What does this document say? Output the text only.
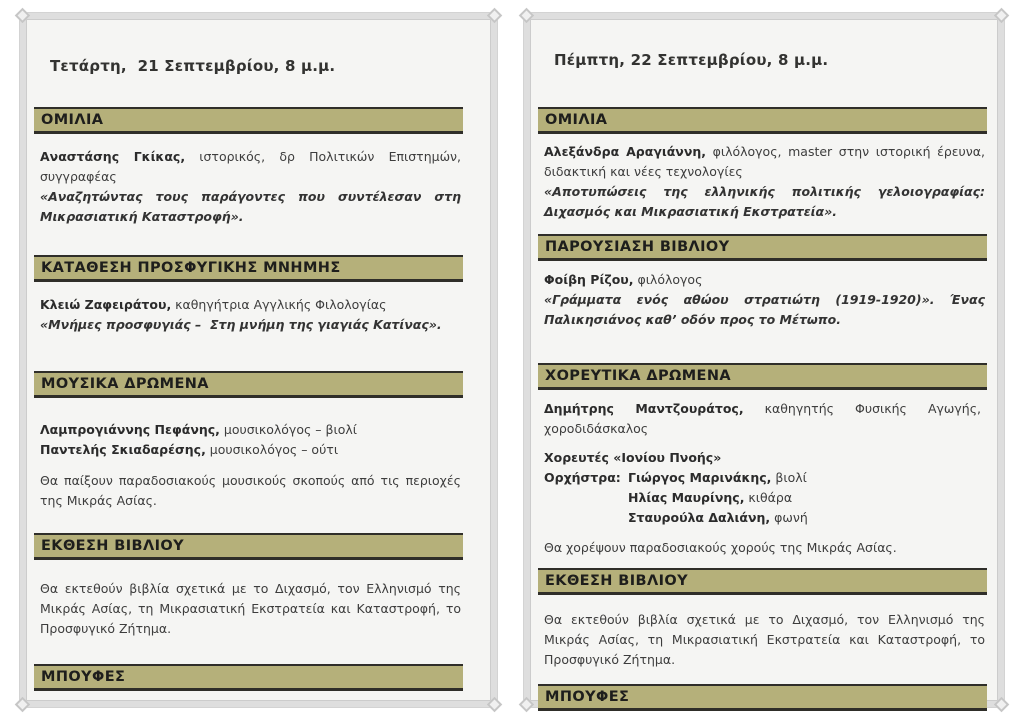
Τετάρτη,  21 Σεπτεμβρίου, 8 μ.μ.
ΟΜΙΛΙΑ
Αναστάσης Γκίκας, ιστορικός, δρ Πολιτικών Επιστημών, συγγραφέας
«Αναζητώντας τους παράγοντες που συντέλεσαν στη Μικρασιατική Καταστροφή».
ΚΑΤΑΘΕΣΗ ΠΡΟΣΦΥΓΙΚΗΣ ΜΝΗΜΗΣ
Κλειώ Ζαφειράτου, καθηγήτρια Αγγλικής Φιλολογίας
«Μνήμες προσφυγιάς –  Στη μνήμη της γιαγιάς Κατίνας».
ΜΟΥΣΙΚΑ ΔΡΩΜΕΝΑ
Λαμπρογιάννης Πεφάνης, μουσικολόγος – βιολί
Παντελής Σκιαδαρέσης, μουσικολόγος – ούτι
Θα παίξουν παραδοσιακούς μουσικούς σκοπούς από τις περιοχές της Μικράς Ασίας.
ΕΚΘΕΣΗ ΒΙΒΛΙΟΥ
Θα εκτεθούν βιβλία σχετικά με το Διχασμό, τον Ελληνισμό της Μικράς Ασίας, τη Μικρασιατική Εκστρατεία και Καταστροφή, το Προσφυγικό Ζήτημα.
ΜΠΟΥΦΕΣ
Πέμπτη, 22 Σεπτεμβρίου, 8 μ.μ.
ΟΜΙΛΙΑ
Αλεξάνδρα Αραγιάννη, φιλόλογος, master στην ιστορική έρευνα, διδακτική και νέες τεχνολογίες
«Αποτυπώσεις της ελληνικής πολιτικής γελοιογραφίας: Διχασμός και Μικρασιατική Εκστρατεία».
ΠΑΡΟΥΣΙΑΣΗ ΒΙΒΛΙΟΥ
Φοίβη Ρίζου, φιλόλογος
«Γράμματα ενός αθώου στρατιώτη (1919-1920)». Ένας Παλικησιάνος καθ’ οδόν προς το Μέτωπο.
ΧΟΡΕΥΤΙΚΑ ΔΡΩΜΕΝΑ
Δημήτρης Μαντζουράτος, καθηγητής Φυσικής Αγωγής,  χοροδιδάσκαλος
Χορευτές «Ιονίου Πνοής»
Ορχήστρα: Γιώργος Μαρινάκης, βιολί
Ηλίας Μαυρίνης, κιθάρα
Σταυρούλα Δαλιάνη, φωνή
Θα χορέψουν παραδοσιακούς χορούς της Μικράς Ασίας.
ΕΚΘΕΣΗ ΒΙΒΛΙΟΥ
Θα εκτεθούν βιβλία σχετικά με το Διχασμό, τον Ελληνισμό της Μικράς Ασίας, τη Μικρασιατική Εκστρατεία και Καταστροφή, το Προσφυγικό Ζήτημα.
ΜΠΟΥΦΕΣ
